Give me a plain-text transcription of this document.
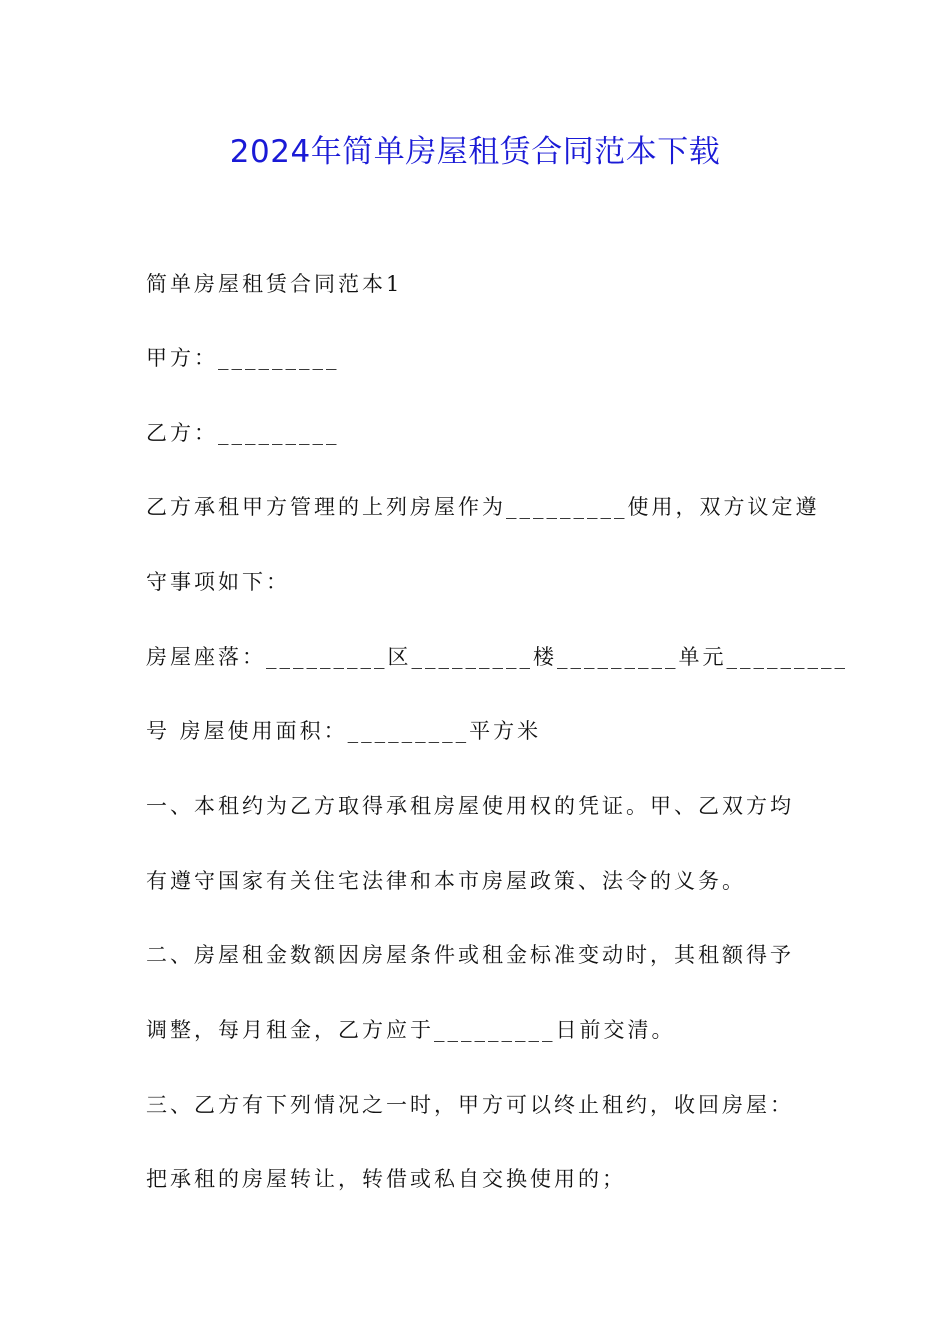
2024年简单房屋租赁合同范本下载
简单房屋租赁合同范本1
甲方：_________
乙方：_________
乙方承租甲方管理的上列房屋作为_________使用，双方议定遵
守事项如下：
房屋座落：_________区_________楼_________单元_________
号 房屋使用面积：_________平方米
一、本租约为乙方取得承租房屋使用权的凭证。甲、乙双方均
有遵守国家有关住宅法律和本市房屋政策、法令的义务。
二、房屋租金数额因房屋条件或租金标准变动时，其租额得予
调整，每月租金，乙方应于_________日前交清。
三、乙方有下列情况之一时，甲方可以终止租约，收回房屋：
把承租的房屋转让，转借或私自交换使用的；
